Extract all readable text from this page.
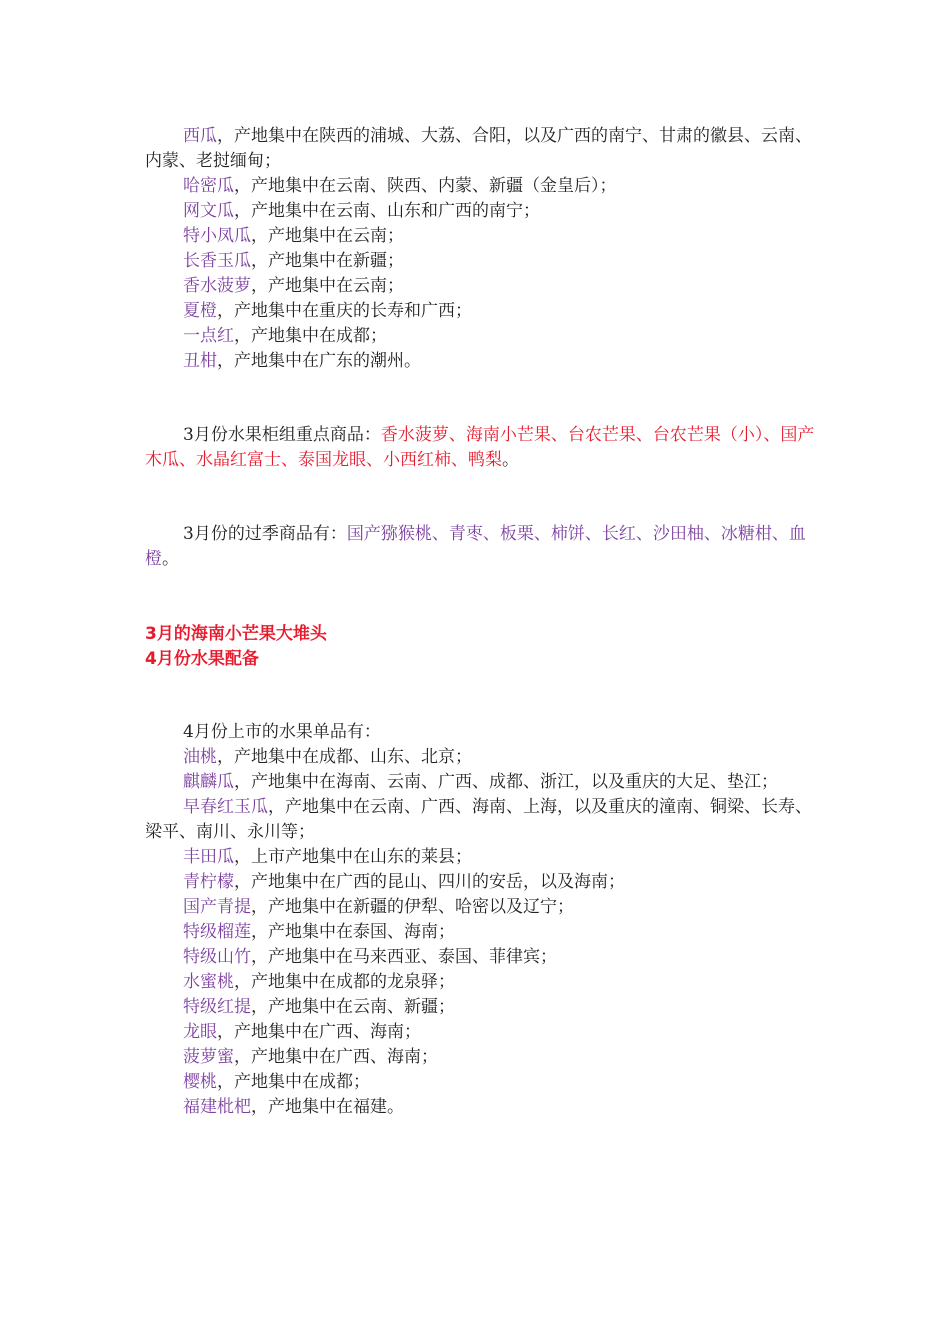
西瓜，产地集中在陕西的浦城、大荔、合阳，以及广西的南宁、甘肃的徽县、云南、内蒙、老挝缅甸；

哈密瓜，产地集中在云南、陕西、内蒙、新疆（金皇后）；

网文瓜，产地集中在云南、山东和广西的南宁；

特小凤瓜，产地集中在云南；

长香玉瓜，产地集中在新疆；

香水菠萝，产地集中在云南；

夏橙，产地集中在重庆的长寿和广西；

一点红，产地集中在成都；

丑柑，产地集中在广东的潮州。

3月份水果柜组重点商品：香水菠萝、海南小芒果、台农芒果、台农芒果（小）、国产木瓜、水晶红富士、泰国龙眼、小西红柿、鸭梨。

3月份的过季商品有：国产猕猴桃、青枣、板栗、柿饼、长红、沙田柚、冰糖柑、血橙。

3月的海南小芒果大堆头

4月份水果配备

4月份上市的水果单品有：

油桃，产地集中在成都、山东、北京；

麒麟瓜，产地集中在海南、云南、广西、成都、浙江，以及重庆的大足、垫江；

早春红玉瓜，产地集中在云南、广西、海南、上海，以及重庆的潼南、铜梁、长寿、梁平、南川、永川等；

丰田瓜，上市产地集中在山东的莱县；

青柠檬，产地集中在广西的昆山、四川的安岳，以及海南；

国产青提，产地集中在新疆的伊犁、哈密以及辽宁；

特级榴莲，产地集中在泰国、海南；

特级山竹，产地集中在马来西亚、泰国、菲律宾；

水蜜桃，产地集中在成都的龙泉驿；

特级红提，产地集中在云南、新疆；

龙眼，产地集中在广西、海南；

菠萝蜜，产地集中在广西、海南；

樱桃，产地集中在成都；

福建枇杷，产地集中在福建。
